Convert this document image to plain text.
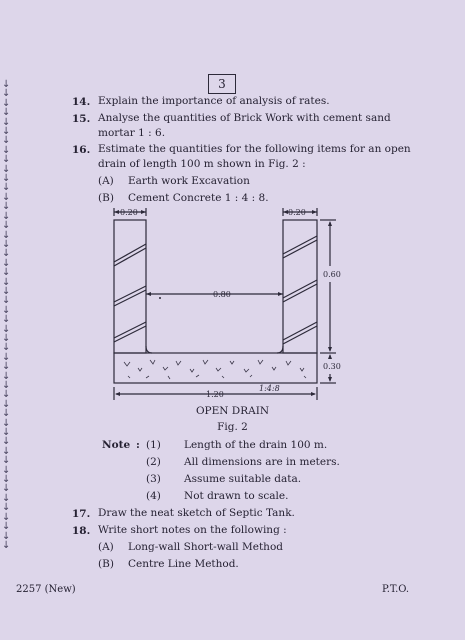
3
↓
↓
↓
↓
↓
↓
↓
↓
↓
↓
↓
↓
↓
↓
↓
↓
↓
↓
↓
↓
↓
↓
↓
↓
↓
↓
↓
↓
↓
↓
↓
↓
↓
↓
↓
↓
↓
↓
↓
↓
↓
↓
↓
↓
↓
↓
↓
↓
↓
↓
14. Explain the importance of analysis of rates.
15. Analyse the quantities of Brick Work with cement sand
mortar 1 : 6.
16. Estimate the quantities for the following items for an open
drain of length 100 m shown in Fig. 2 :
(A) Earth work Excavation
(B) Cement Concrete 1 : 4 : 8.
0.20	0.20
0.60
0.80
0.30
1.20
1:4:8
OPEN DRAIN
Fig. 2
Note : (1) Length of the drain 100 m.
(2) All dimensions are in meters.
(3) Assume suitable data.
(4) Not drawn to scale.
17. Draw the neat sketch of Septic Tank.
18. Write short notes on the following :
(A) Long-wall Short-wall Method
(B) Centre Line Method.
2257 (New)	P.T.O.
